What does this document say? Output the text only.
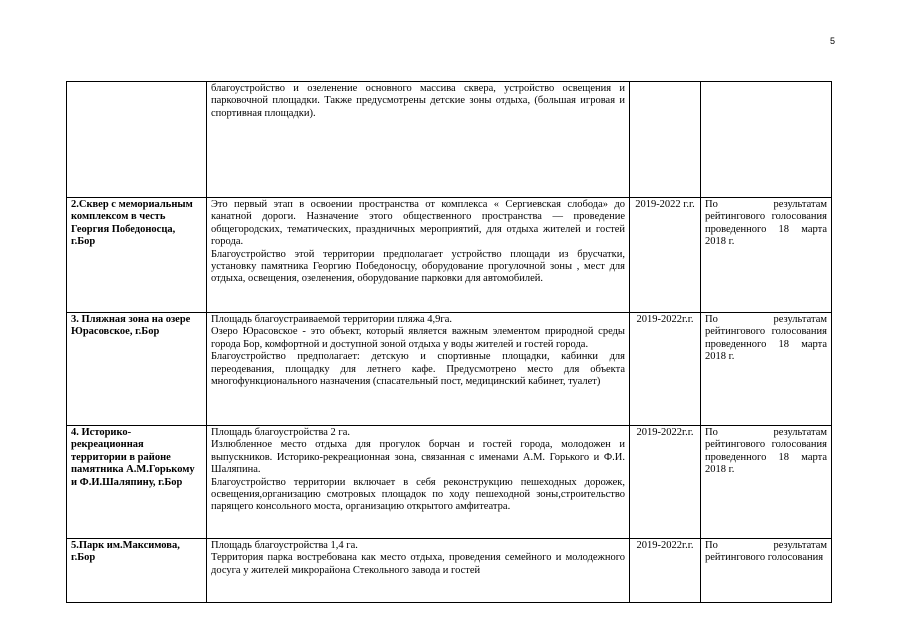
5

	благоустройство и озеленение основного массива сквера, устройство освещения и парковочной площадки. Также предусмотрены детские зоны отдыха, (большая игровая и спортивная площадки).		

2.Сквер с мемориальным комплексом в честь Георгия Победоносца, г.Бор	Это первый этап в освоении пространства от комплекса « Сергиевская слобода» до канатной дороги. Назначение этого общественного пространства — проведение общегородских, тематических, праздничных мероприятий, для отдыха жителей и гостей города.

Благоустройство этой территории предполагает устройство площади из брусчатки, установку памятника Георгию Победоносцу, оборудование прогулочной зоны , мест для отдыха, освещения, озеленения, оборудование парковки для автомобилей.	2019-2022 г.г.	По результатам рейтингового голосования проведенного 18 марта 2018 г.
3. Пляжная зона на озере Юрасовское, г.Бор	Площадь благоустраиваемой территории пляжа 4,9га.

Озеро Юрасовское - это объект, который является важным элементом природной среды города Бор, комфортной и доступной зоной отдыха у воды жителей и гостей города.

Благоустройство предполагает: детскую и спортивные площадки, кабинки для переодевания, площадку для летнего кафе. Предусмотрено место для объекта многофункционального назначения (спасательный пост, медицинский кабинет, туалет)	2019-2022г.г.	По результатам рейтингового голосования проведенного 18 марта 2018 г.
4. Историко-рекреационная территории в районе памятника А.М.Горькому и Ф.И.Шаляпину, г.Бор	Площадь благоустройства 2 га.

Излюбленное место отдыха для прогулок борчан и гостей города, молодожен и выпускников. Историко-рекреационная зона, связанная с именами А.М. Горького и Ф.И. Шаляпина.

Благоустройство территории включает в себя реконструкцию пешеходных дорожек, освещения,организацию смотровых площадок по ходу пешеходной зоны,строительство парящего консольного моста, организацию открытого амфитеатра.	2019-2022г.г.	По результатам рейтингового голосования проведенного 18 марта 2018 г.
5.Парк им.Максимова, г.Бор	Площадь благоустройства 1,4 га.

Территория парка востребована как место отдыха, проведения семейного и молодежного досуга у жителей микрорайона Стекольного завода и гостей	2019-2022г.г.	По результатам рейтингового голосования
